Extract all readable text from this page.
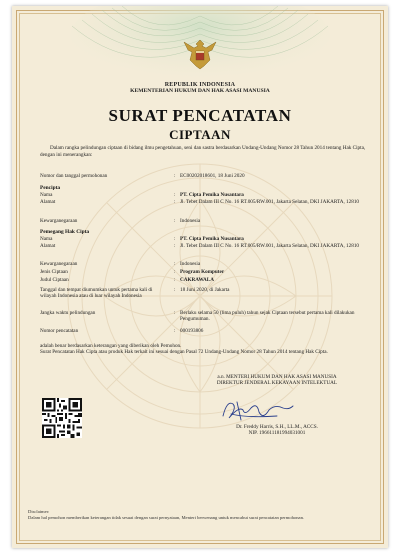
REPUBLIK INDONESIA
KEMENTERIAN HUKUM DAN HAK ASASI MANUSIA
SURAT PENCATATAN
CIPTAAN
Dalam rangka pelindungan ciptaan di bidang ilmu pengetahuan, seni dan sastra berdasarkan Undang-Undang Nomor 28 Tahun 2014 tentang Hak Cipta, dengan ini menerangkan:
Nomor dan tanggal permohonan	: EC00202018601, 18 Juni 2020
Pencipta
Nama	: PT. Cipta Pemika Nusantara
Alamat	: Jl. Tebet Dalam III C No. 16 RT.005/RW.001, Jakarta Selatan, DKI JAKARTA, 12810
Kewarganegaraan	: Indonesia
Pemegang Hak Cipta
Nama	: PT. Cipta Pemika Nusantara
Alamat	: Jl. Tebet Dalam III C No. 16 RT.005/RW.001, Jakarta Selatan, DKI JAKARTA, 12810
Kewarganegaraan	: Indonesia
Jenis Ciptaan	: Program Komputer
Judul Ciptaan	: CAKRAWALA
Tanggal dan tempat diumumkan untuk pertama kali di wilayah Indonesia atau di luar wilayah Indonesia
: 18 Juni 2020, di Jakarta
Jangka waktu pelindungan	: Berlaku selama 50 (lima puluh) tahun sejak Ciptaan tersebut pertama kali dilakukan Pengumuman.
Nomor pencatatan	: 000193806
adalah benar berdasarkan keterangan yang diberikan oleh Pemohon.
Surat Pencatatan Hak Cipta atau produk Hak terkait ini sesuai dengan Pasal 72 Undang-Undang Nomor 28 Tahun 2014 tentang Hak Cipta.
a.n. MENTERI HUKUM DAN HAK ASASI MANUSIA
DIREKTUR JENDERAL KEKAYAAN INTELEKTUAL
Dr. Freddy Harris, S.H., LL.M., ACCS.
NIP. 196611181994031001
Disclaimer:
Dalam hal pemohon memberikan keterangan tidak sesuai dengan surat pernyataan, Menteri berwenang untuk mencabut surat pencatatan permohonan.
